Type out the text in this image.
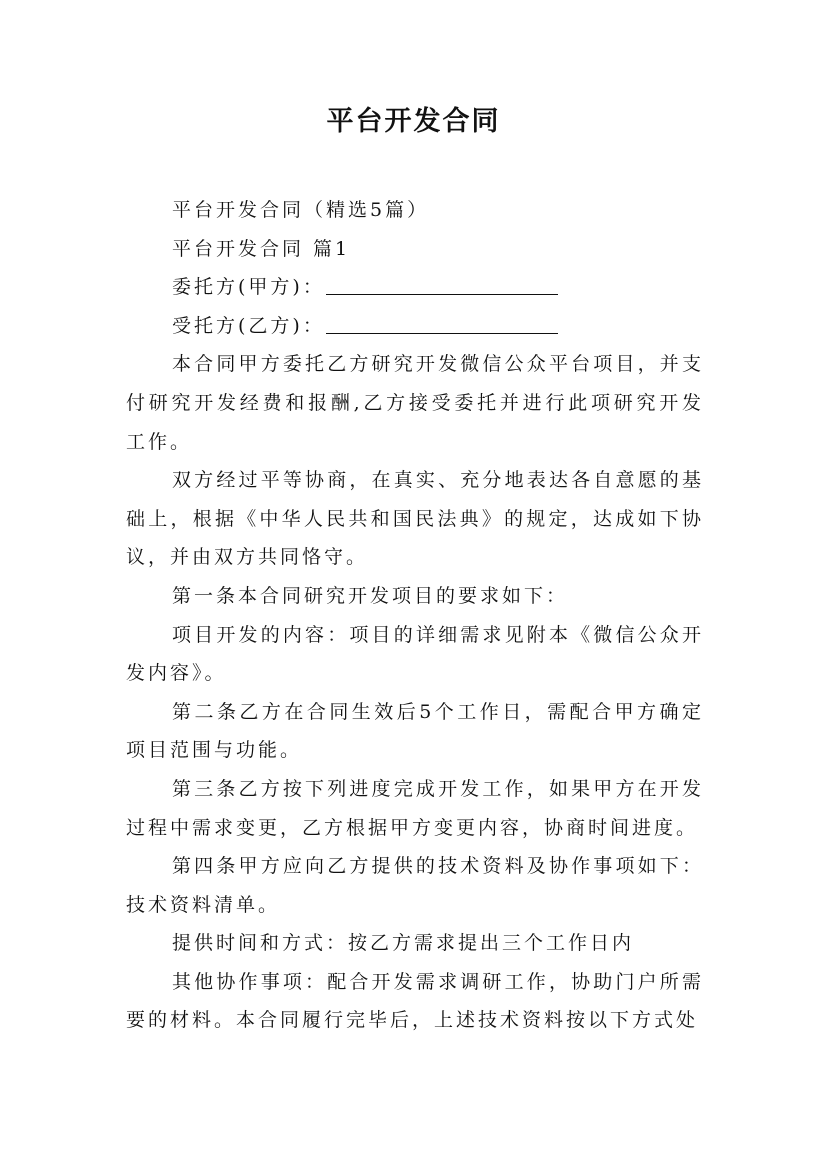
平台开发合同

平台开发合同（精选5篇）

平台开发合同 篇1

委托方(甲方)：

受托方(乙方)：

本合同甲方委托乙方研究开发微信公众平台项目，并支付研究开发经费和报酬,乙方接受委托并进行此项研究开发工作。

双方经过平等协商，在真实、充分地表达各自意愿的基础上，根据《中华人民共和国民法典》的规定，达成如下协议，并由双方共同恪守。

第一条本合同研究开发项目的要求如下：

项目开发的内容：项目的详细需求见附本《微信公众开发内容》。

第二条乙方在合同生效后5个工作日，需配合甲方确定项目范围与功能。

第三条乙方按下列进度完成开发工作，如果甲方在开发过程中需求变更，乙方根据甲方变更内容，协商时间进度。

第四条甲方应向乙方提供的技术资料及协作事项如下：技术资料清单。

提供时间和方式：按乙方需求提出三个工作日内

其他协作事项：配合开发需求调研工作，协助门户所需要的材料。本合同履行完毕后，上述技术资料按以下方式处
